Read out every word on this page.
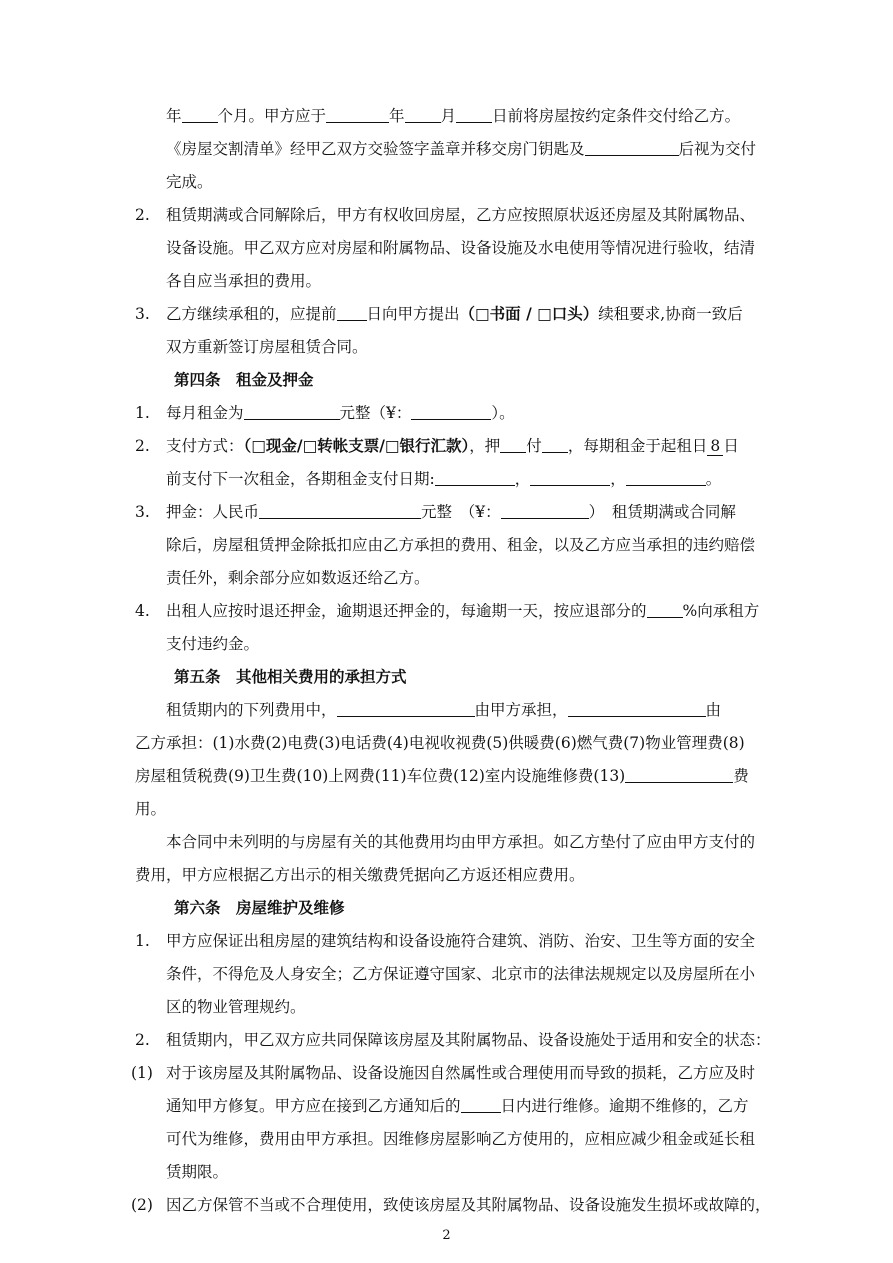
年 个月。甲方应于	年 月 日前将房屋按约定条件交付给乙方。
《房屋交割清单》经甲乙双方交验签字盖章并移交房门钥匙及	后视为交付
完成。
2. 租赁期满或合同解除后，甲方有权收回房屋，乙方应按照原状返还房屋及其附属物品、
设备设施。甲乙双方应对房屋和附属物品、设备设施及水电使用等情况进行验收，结清
各自应当承担的费用。
3. 乙方继续承租的，应提前 日向甲方提出（□书面 / □口头）续租要求,协商一致后
双方重新签订房屋租赁合同。
第四条　租金及押金
1. 每月租金为	元整（¥：	）。
2. 支付方式：（□现金/□转帐支票/□银行汇款），押 付 ，每期租金于起租日 8 日
前支付下一次租金，各期租金支付日期:	，	，	。
3. 押金：人民币	元整　（¥：	）　租赁期满或合同解
除后，房屋租赁押金除抵扣应由乙方承担的费用、租金，以及乙方应当承担的违约赔偿
责任外，剩余部分应如数返还给乙方。
4. 出租人应按时退还押金，逾期退还押金的，每逾期一天，按应退部分的 %向承租方
支付违约金。
第五条　其他相关费用的承担方式
租赁期内的下列费用中，	由甲方承担，	由
乙方承担：(1)水费(2)电费(3)电话费(4)电视收视费(5)供暖费(6)燃气费(7)物业管理费(8)
房屋租赁税费(9)卫生费(10)上网费(11)车位费(12)室内设施维修费(13)	费
用。
本合同中未列明的与房屋有关的其他费用均由甲方承担。如乙方垫付了应由甲方支付的
费用，甲方应根据乙方出示的相关缴费凭据向乙方返还相应费用。
第六条　房屋维护及维修
1. 甲方应保证出租房屋的建筑结构和设备设施符合建筑、消防、治安、卫生等方面的安全
条件，不得危及人身安全；乙方保证遵守国家、北京市的法律法规规定以及房屋所在小
区的物业管理规约。
2. 租赁期内，甲乙双方应共同保障该房屋及其附属物品、设备设施处于适用和安全的状态：
(1) 对于该房屋及其附属物品、设备设施因自然属性或合理使用而导致的损耗，乙方应及时
通知甲方修复。甲方应在接到乙方通知后的	日内进行维修。逾期不维修的，乙方
可代为维修，费用由甲方承担。因维修房屋影响乙方使用的，应相应减少租金或延长租
赁期限。
(2) 因乙方保管不当或不合理使用，致使该房屋及其附属物品、设备设施发生损坏或故障的，
2
